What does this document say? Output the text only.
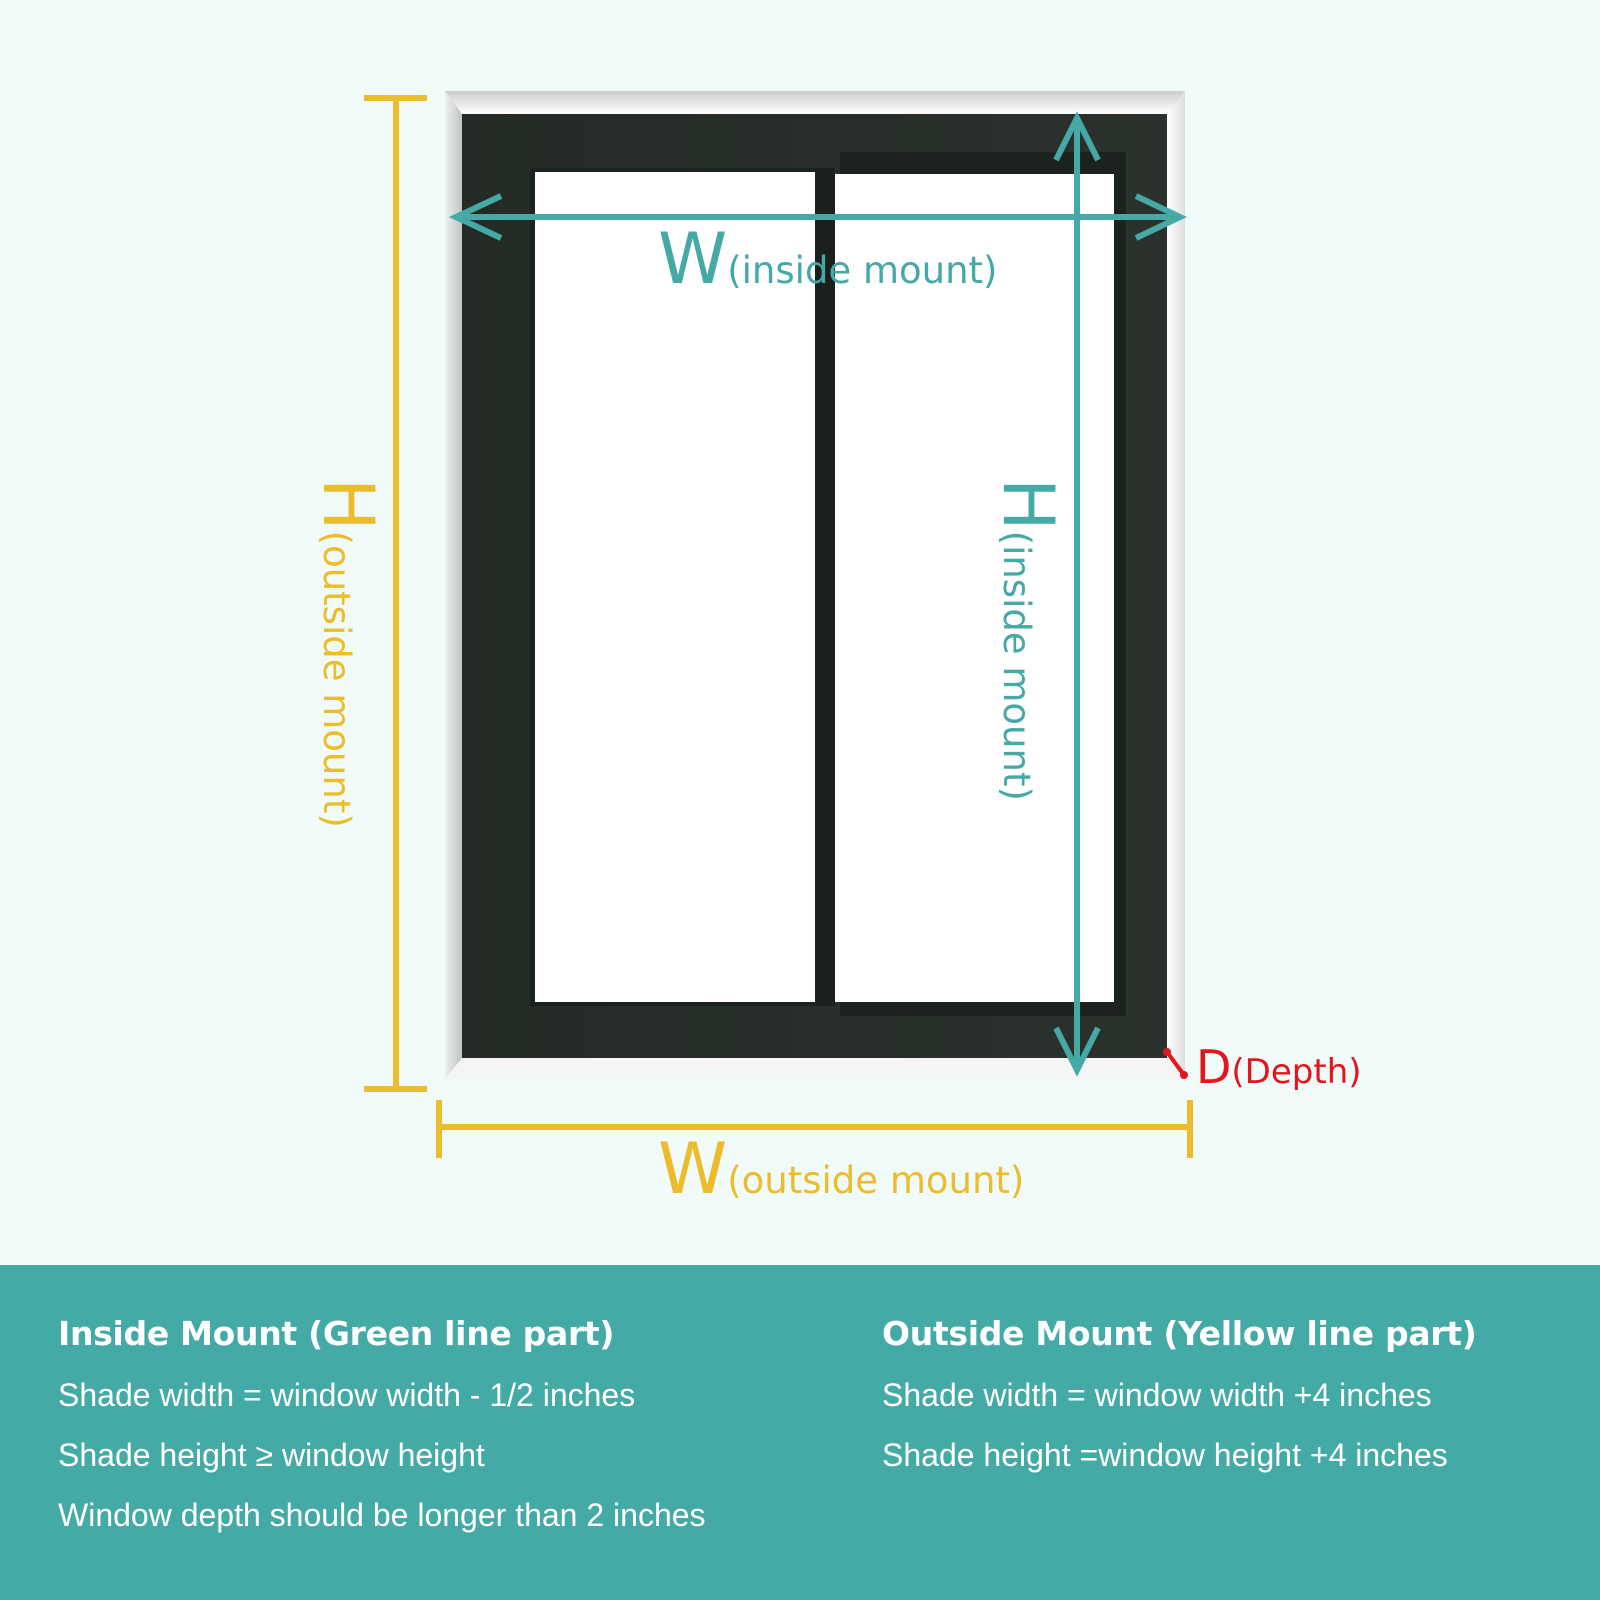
W(inside mount)
W(outside mount)
H(inside mount)
H(outside mount)
D(Depth)
Inside Mount (Green line part)

Shade width = window width - 1/2 inches

Shade height ≥ window height

Window depth should be longer than 2 inches

Outside Mount (Yellow line part)

Shade width = window width +4 inches

Shade height =window height +4 inches
